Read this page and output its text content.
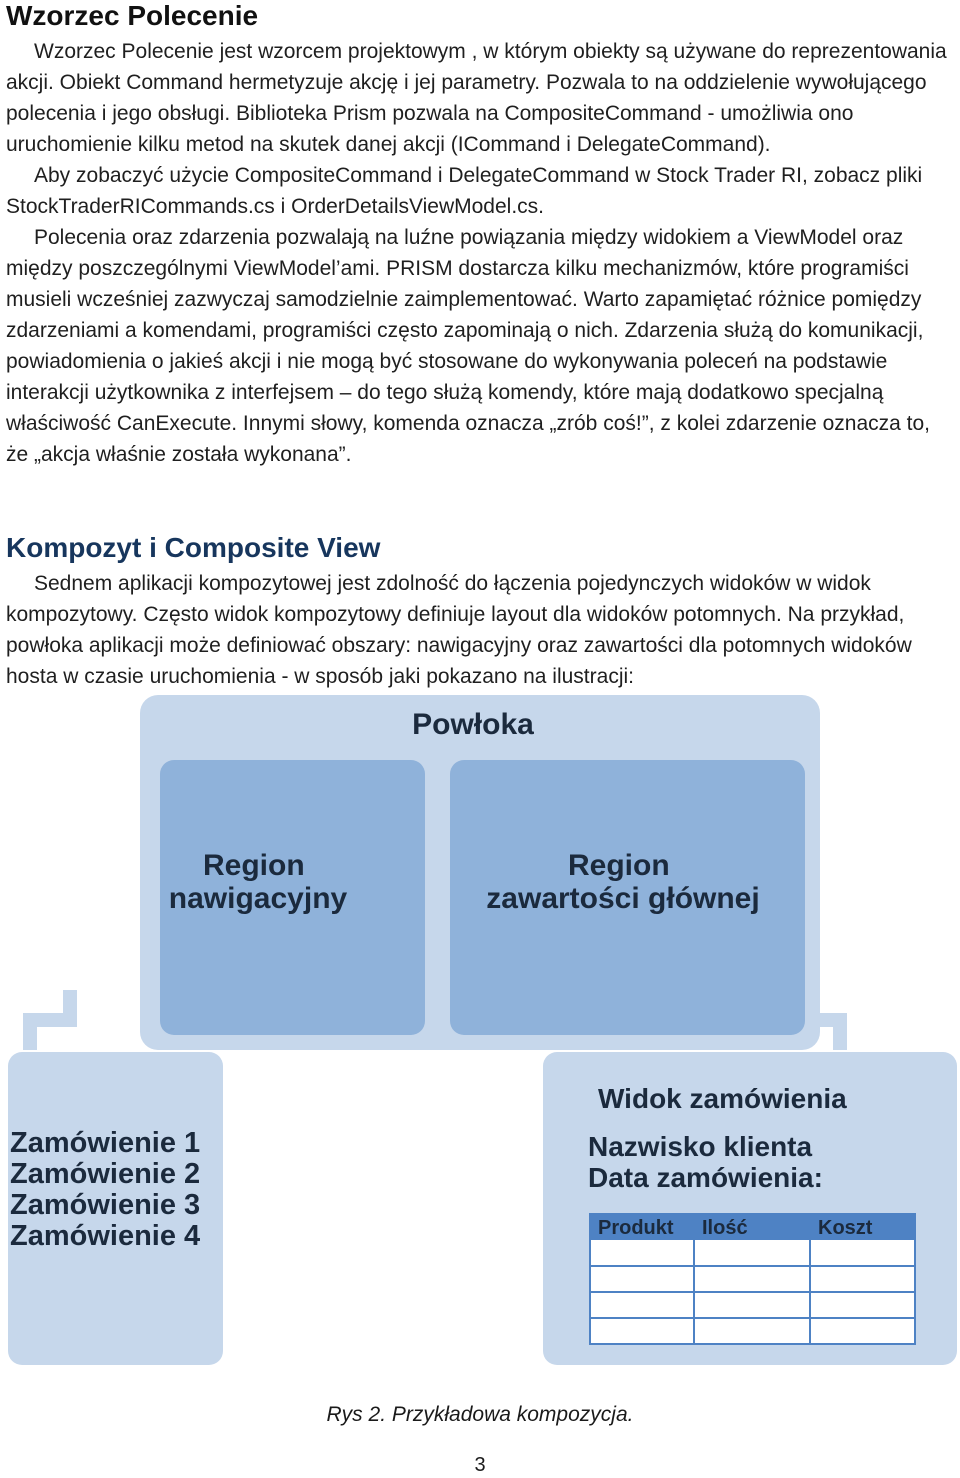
Wzorzec Polecenie

Wzorzec Polecenie jest wzorcem projektowym , w którym obiekty są używane do reprezentowania akcji. Obiekt Command hermetyzuje akcję i jej parametry. Pozwala to na oddzielenie wywołującego polecenia i jego obsługi. Biblioteka Prism pozwala na CompositeCommand - umożliwia ono uruchomienie kilku metod na skutek danej akcji (ICommand i DelegateCommand).

Aby zobaczyć użycie CompositeCommand i DelegateCommand w Stock Trader RI, zobacz pliki StockTraderRICommands.cs i OrderDetailsViewModel.cs.

Polecenia oraz zdarzenia pozwalają na luźne powiązania między widokiem a ViewModel oraz między poszczególnymi ViewModel’ami. PRISM dostarcza kilku mechanizmów, które programiści musieli wcześniej zazwyczaj samodzielnie zaimplementować. Warto zapamiętać różnice pomiędzy zdarzeniami a komendami, programiści często zapominają o nich. Zdarzenia służą do komunikacji, powiadomienia o jakieś akcji i nie mogą być stosowane do wykonywania poleceń na podstawie interakcji użytkownika z interfejsem – do tego służą komendy, które mają dodatkowo specjalną właściwość CanExecute. Innymi słowy, komenda oznacza „zrób coś!”, z kolei zdarzenie oznacza to, że „akcja właśnie została wykonana”.

Kompozyt i Composite View

Sednem aplikacji kompozytowej jest zdolność do łączenia pojedynczych widoków w widok kompozytowy. Często widok kompozytowy definiuje layout dla widoków potomnych. Na przykład, powłoka aplikacji może definiować obszary: nawigacyjny oraz zawartości dla potomnych widoków hosta w czasie uruchomienia - w sposób jaki pokazano na ilustracji:

Powłoka
Region nawigacyjny
Region zawartości głównej
Zamówienie 1 Zamówienie 2 Zamówienie 3 Zamówienie 4
Widok zamówienia
Nazwisko klienta Data zamówienia:
Produkt Ilość	Koszt
Rys 2. Przykładowa kompozycja.
3
